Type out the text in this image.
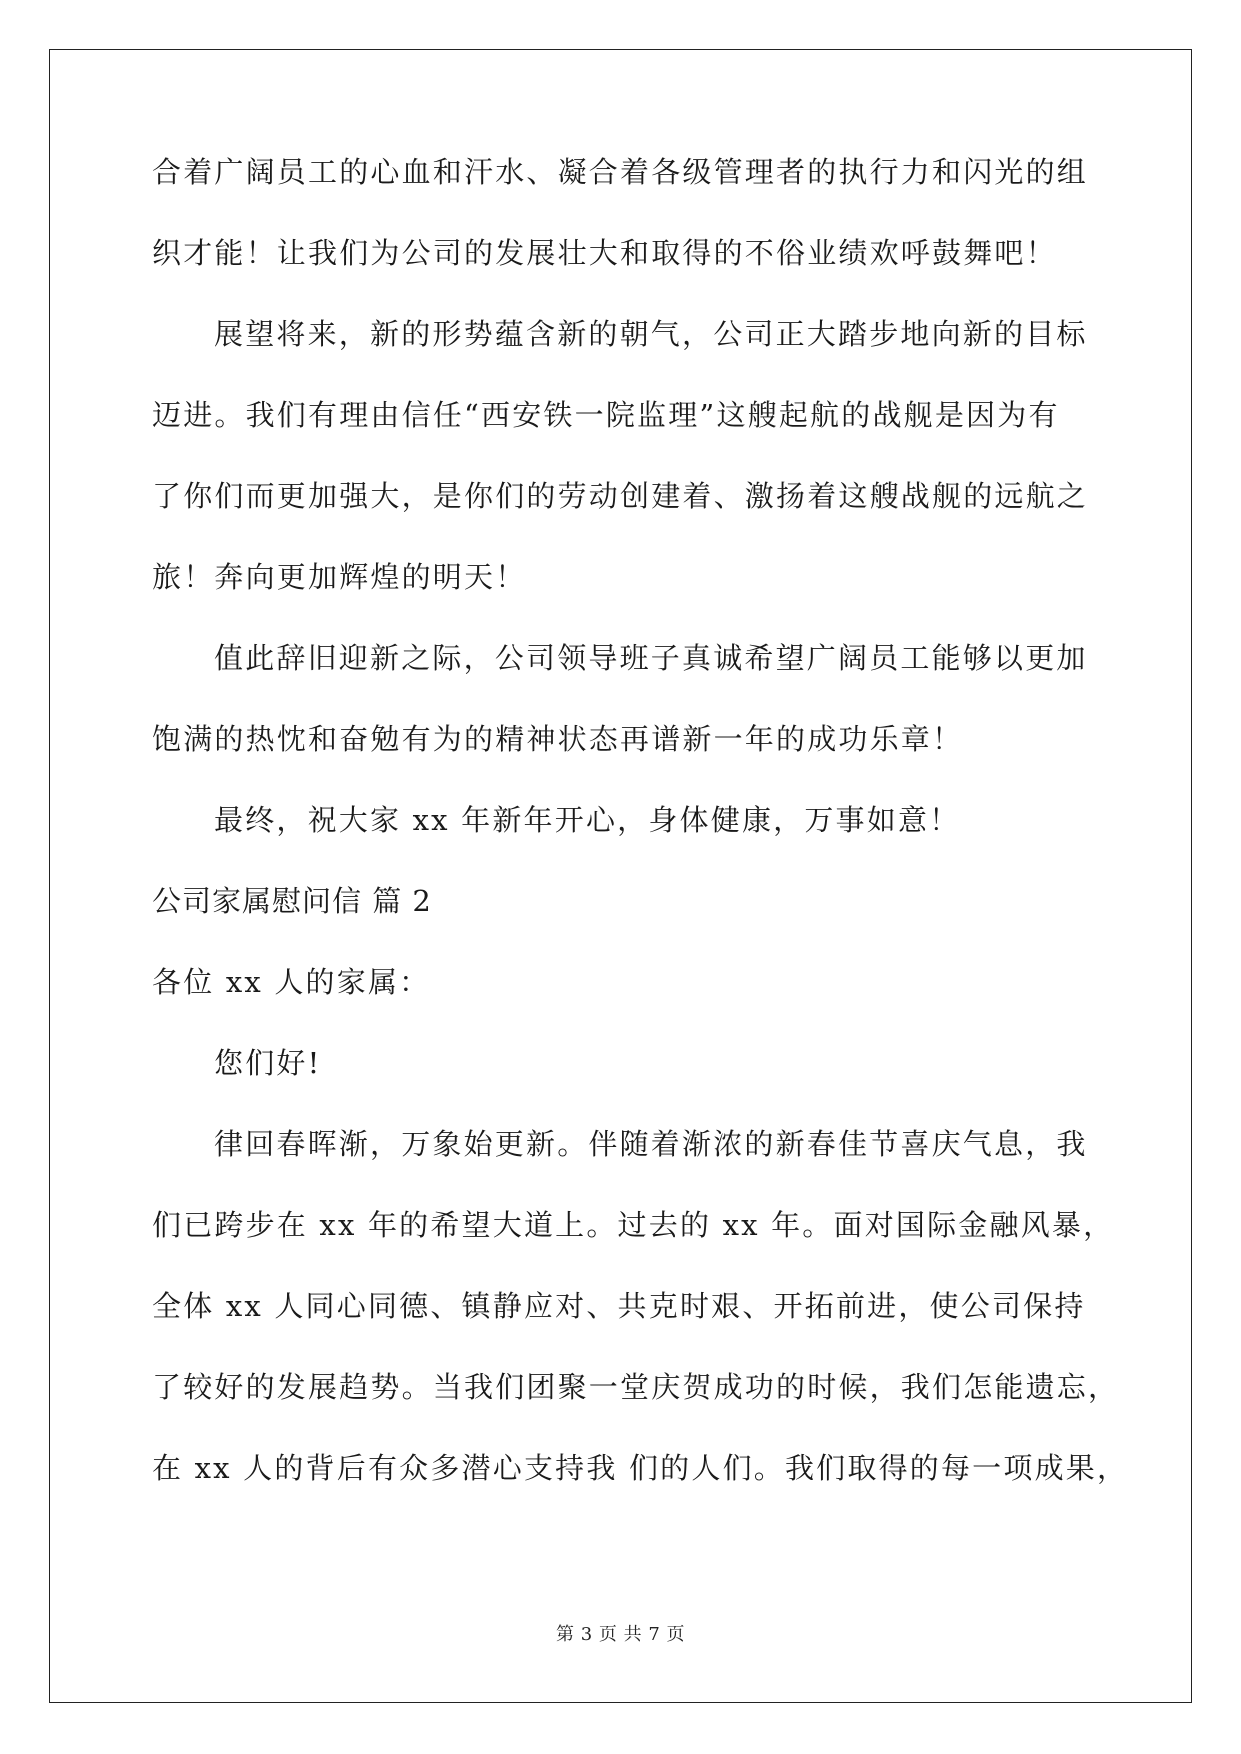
合着广阔员工的心血和汗水、凝合着各级管理者的执行力和闪光的组
织才能！让我们为公司的发展壮大和取得的不俗业绩欢呼鼓舞吧！
展望将来，新的形势蕴含新的朝气，公司正大踏步地向新的目标
迈进。我们有理由信任“西安铁一院监理”这艘起航的战舰是因为有
了你们而更加强大，是你们的劳动创建着、激扬着这艘战舰的远航之
旅！奔向更加辉煌的明天！
值此辞旧迎新之际，公司领导班子真诚希望广阔员工能够以更加
饱满的热忱和奋勉有为的精神状态再谱新一年的成功乐章！
最终，祝大家 xx 年新年开心，身体健康，万事如意！
公司家属慰问信 篇 2
各位 xx 人的家属：
您们好!
律回春晖渐，万象始更新。伴随着渐浓的新春佳节喜庆气息，我
们已跨步在 xx 年的希望大道上。过去的 xx 年。面对国际金融风暴，
全体 xx 人同心同德、镇静应对、共克时艰、开拓前进，使公司保持
了较好的发展趋势。当我们团聚一堂庆贺成功的时候，我们怎能遗忘，
在 xx 人的背后有众多潜心支持我 们的人们。我们取得的每一项成果，
第 3 页 共 7 页
